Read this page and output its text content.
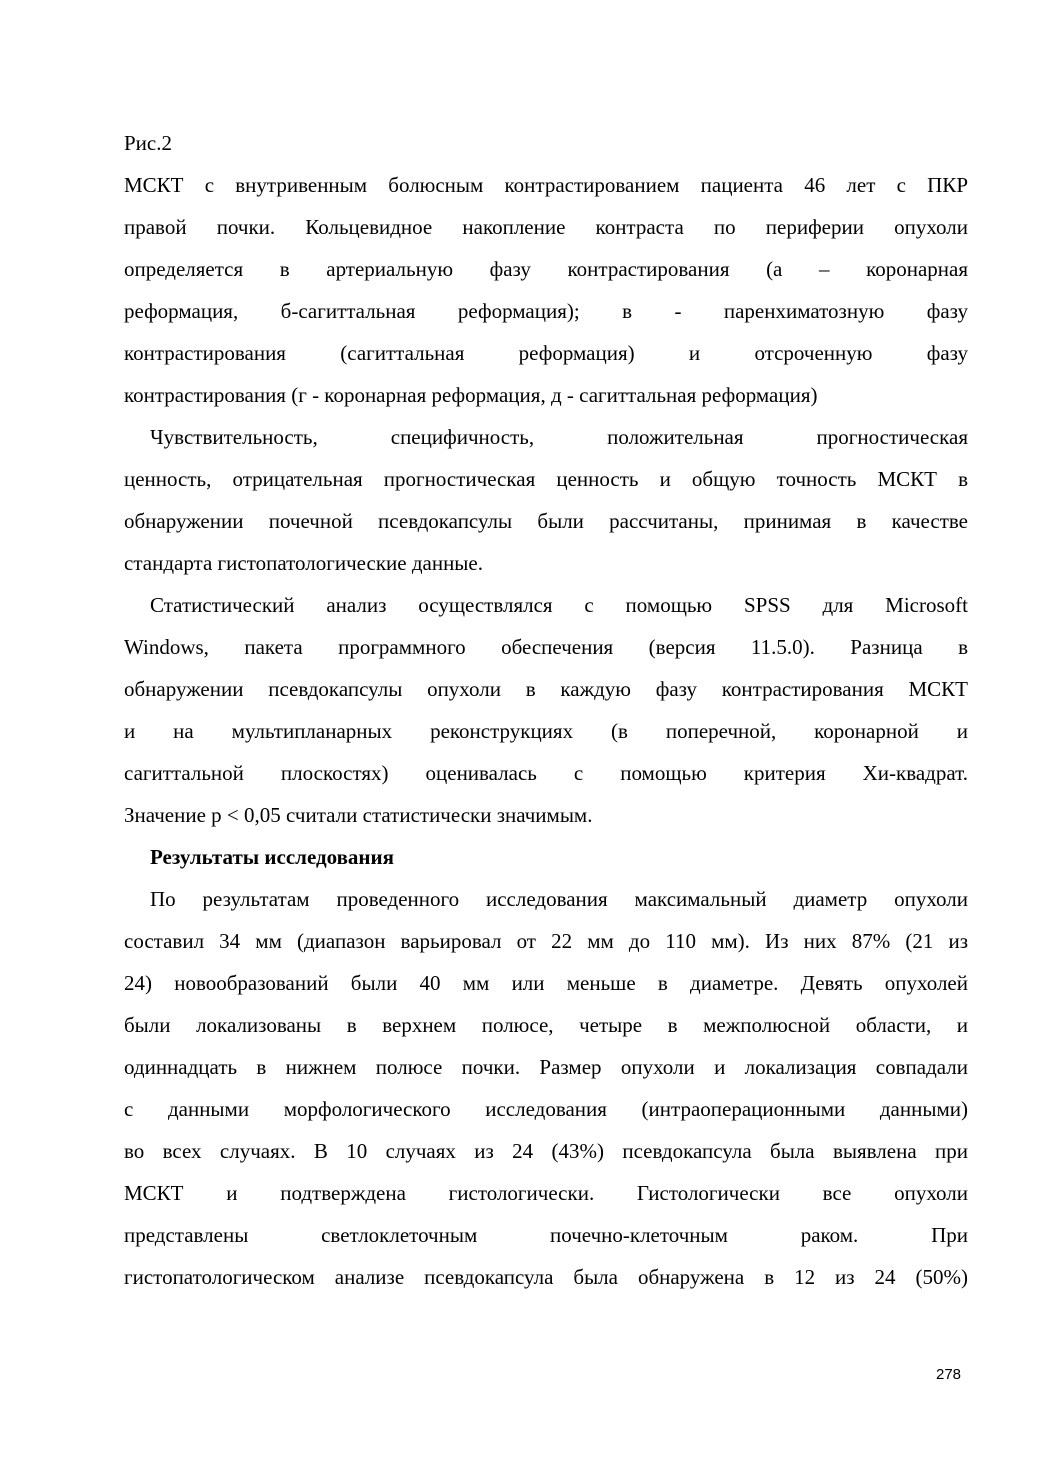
Рис.2
МСКТ с внутривенным болюсным контрастированием пациента 46 лет с ПКР
правой почки. Кольцевидное накопление контраста по периферии опухоли
определяется в артериальную фазу контрастирования (а – коронарная
реформация, б-сагиттальная реформация); в - паренхиматозную фазу
контрастирования (сагиттальная реформация) и отсроченную фазу
контрастирования (г - коронарная реформация, д - сагиттальная реформация)
Чувствительность, специфичность, положительная прогностическая
ценность, отрицательная прогностическая ценность и общую точность МСКТ в
обнаружении почечной псевдокапсулы были рассчитаны, принимая в качестве
стандарта гистопатологические данные.
Статистический анализ осуществлялся с помощью SPSS для Microsoft
Windows, пакета программного обеспечения (версия 11.5.0). Разница в
обнаружении псевдокапсулы опухоли в каждую фазу контрастирования МСКТ
и на мультипланарных реконструкциях (в поперечной, коронарной и
сагиттальной плоскостях) оценивалась с помощью критерия Хи-квадрат.
Значение р < 0,05 считали статистически значимым.
Результаты исследования
По результатам проведенного исследования максимальный диаметр опухоли
составил 34 мм (диапазон варьировал от 22 мм до 110 мм). Из них 87% (21 из
24) новообразований были 40 мм или меньше в диаметре. Девять опухолей
были локализованы в верхнем полюсе, четыре в межполюсной области, и
одиннадцать в нижнем полюсе почки. Размер опухоли и локализация совпадали
с данными морфологического исследования (интраоперационными данными)
во всех случаях. В 10 случаях из 24 (43%) псевдокапсула была выявлена при
МСКТ и подтверждена гистологически. Гистологически все опухоли
представлены светлоклеточным почечно-клеточным раком. При
гистопатологическом анализе псевдокапсула была обнаружена в 12 из 24 (50%)
278
